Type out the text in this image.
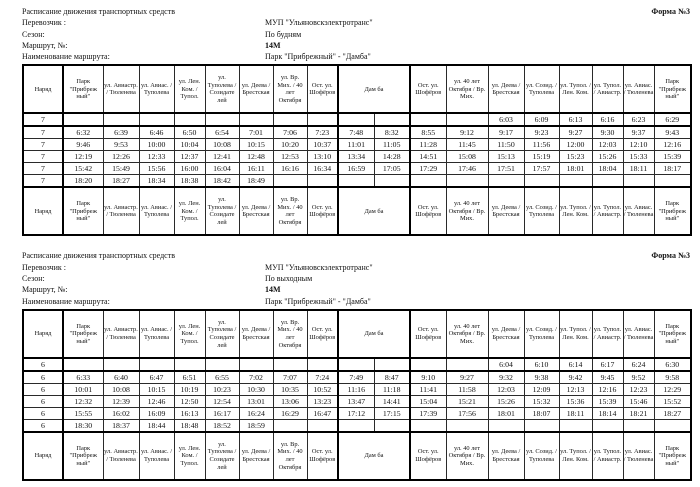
Расписание движения транспортных средств	Форма №3
Перевозчик :	МУП "Ульяновскэлектротранс"
Сезон:	По будням
Маршрут, №:	14М
Наименование маршрута:	Парк "Прибрежный" - "Дамба"
Наряд	Парк "Прибреж ный"	ул. Авиастр. / Тюленева	ул. Авиас. / Туполева	ул. Лен. Ком. / Тупол.	ул. Туполева / Созидате лей	ул. Деева / Брестская	ул. Вр. Мих. / 40 лет Октября	Ост. ул. Шофёров	Дам ба		Ост. ул. Шофёров	ул. 40 лет Октября / Вр. Мих.	ул. Деева / Брестская	ул. Созид. / Туполева	ул. Тупол. / Лен. Ком.	ул. Тупол. / Авиастр.	ул. Авиас. / Тюленева	Парк "Прибреж ный"
7													6:03	6:09	6:13	6:16	6:23	6:29
7	6:32	6:39	6:46	6:50	6:54	7:01	7:06	7:23	7:48	8:32	8:55	9:12	9:17	9:23	9:27	9:30	9:37	9:43
7	9:46	9:53	10:00	10:04	10:08	10:15	10:20	10:37	11:01	11:05	11:28	11:45	11:50	11:56	12:00	12:03	12:10	12:16
7	12:19	12:26	12:33	12:37	12:41	12:48	12:53	13:10	13:34	14:28	14:51	15:08	15:13	15:19	15:23	15:26	15:33	15:39
7	15:42	15:49	15:56	16:00	16:04	16:11	16:16	16:34	16:59	17:05	17:29	17:46	17:51	17:57	18:01	18:04	18:11	18:17
7	18:20	18:27	18:34	18:38	18:42	18:49												
Наряд	Парк "Прибреж ный"	ул. Авиастр. / Тюленева	ул. Авиас. / Туполева	ул. Лен. Ком. / Тупол.	ул. Туполева / Созидате лей	ул. Деева / Брестская	ул. Вр. Мих. / 40 лет Октября	Ост. ул. Шофёров	Дам ба		Ост. ул. Шофёров	ул. 40 лет Октября / Вр. Мих.	ул. Деева / Брестская	ул. Созид. / Туполева	ул. Тупол. / Лен. Ком.	ул. Тупол. / Авиастр.	ул. Авиас. / Тюленева	Парк "Прибреж ный"
Расписание движения транспортных средств	Форма №3
Перевозчик :	МУП "Ульяновскэлектротранс"
Сезон:	По выходным
Маршрут, №:	14М
Наименование маршрута:	Парк "Прибрежный" - "Дамба"
Наряд	Парк "Прибреж ный"	ул. Авиастр. / Тюленева	ул. Авиас. / Туполева	ул. Лен. Ком. / Тупол.	ул. Туполева / Созидате лей	ул. Деева / Брестская	ул. Вр. Мих. / 40 лет Октября	Ост. ул. Шофёров	Дам ба		Ост. ул. Шофёров	ул. 40 лет Октября / Вр. Мих.	ул. Деева / Брестская	ул. Созид. / Туполева	ул. Тупол. / Лен. Ком.	ул. Тупол. / Авиастр.	ул. Авиас. / Тюленева	Парк "Прибреж ный"
6													6:04	6:10	6:14	6:17	6:24	6:30
6	6:33	6:40	6:47	6:51	6:55	7:02	7:07	7:24	7:49	8:47	9:10	9:27	9:32	9:38	9:42	9:45	9:52	9:58
6	10:01	10:08	10:15	10:19	10:23	10:30	10:35	10:52	11:16	11:18	11:41	11:58	12:03	12:09	12:13	12:16	12:23	12:29
6	12:32	12:39	12:46	12:50	12:54	13:01	13:06	13:23	13:47	14:41	15:04	15:21	15:26	15:32	15:36	15:39	15:46	15:52
6	15:55	16:02	16:09	16:13	16:17	16:24	16:29	16:47	17:12	17:15	17:39	17:56	18:01	18:07	18:11	18:14	18:21	18:27
6	18:30	18:37	18:44	18:48	18:52	18:59												
Наряд	Парк "Прибреж ный"	ул. Авиастр. / Тюленева	ул. Авиас. / Туполева	ул. Лен. Ком. / Тупол.	ул. Туполева / Созидате лей	ул. Деева / Брестская	ул. Вр. Мих. / 40 лет Октября	Ост. ул. Шофёров	Дам ба		Ост. ул. Шофёров	ул. 40 лет Октября / Вр. Мих.	ул. Деева / Брестская	ул. Созид. / Туполева	ул. Тупол. / Лен. Ком.	ул. Тупол. / Авиастр.	ул. Авиас. / Тюленева	Парк "Прибреж ный"
